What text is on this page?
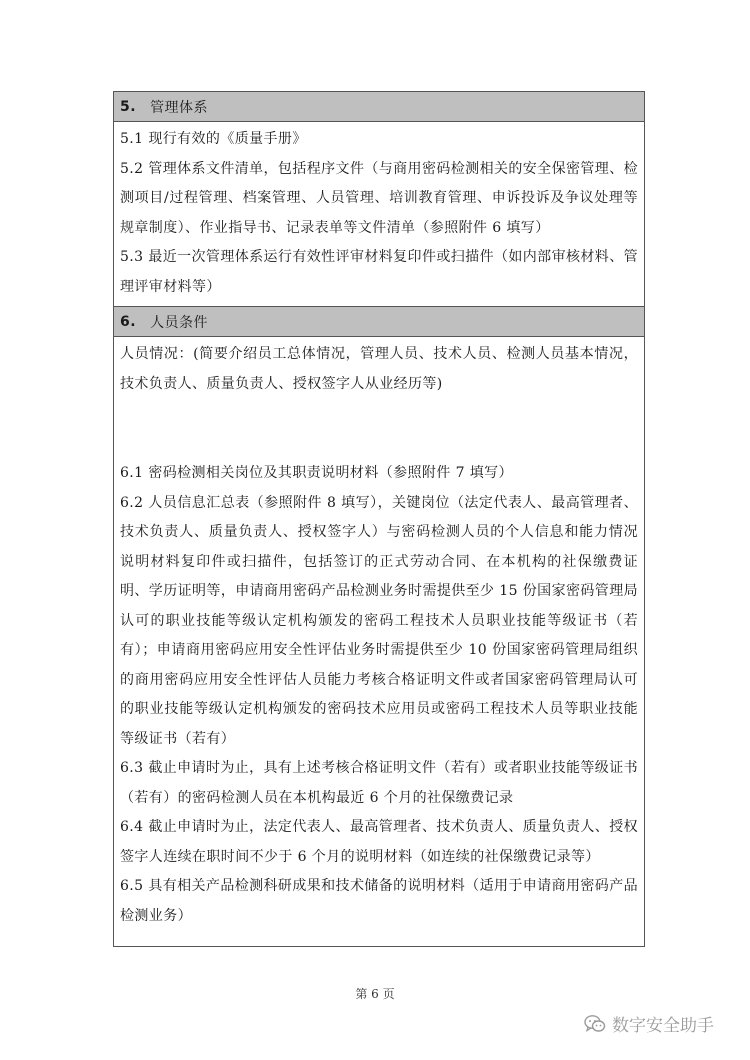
5. 管理体系

5.1 现行有效的《质量手册》

5.2 管理体系文件清单，包括程序文件（与商用密码检测相关的安全保密管理、检测项目/过程管理、档案管理、人员管理、培训教育管理、申诉投诉及争议处理等规章制度）、作业指导书、记录表单等文件清单（参照附件 6 填写）

5.3 最近一次管理体系运行有效性评审材料复印件或扫描件（如内部审核材料、管理评审材料等）

6. 人员条件

人员情况：(简要介绍员工总体情况，管理人员、技术人员、检测人员基本情况，技术负责人、质量负责人、授权签字人从业经历等)

6.1 密码检测相关岗位及其职责说明材料（参照附件 7 填写）

6.2 人员信息汇总表（参照附件 8 填写），关键岗位（法定代表人、最高管理者、技术负责人、质量负责人、授权签字人）与密码检测人员的个人信息和能力情况说明材料复印件或扫描件，包括签订的正式劳动合同、在本机构的社保缴费证明、学历证明等，申请商用密码产品检测业务时需提供至少 15 份国家密码管理局认可的职业技能等级认定机构颁发的密码工程技术人员职业技能等级证书（若有）；申请商用密码应用安全性评估业务时需提供至少 10 份国家密码管理局组织的商用密码应用安全性评估人员能力考核合格证明文件或者国家密码管理局认可的职业技能等级认定机构颁发的密码技术应用员或密码工程技术人员等职业技能等级证书（若有）

6.3 截止申请时为止，具有上述考核合格证明文件（若有）或者职业技能等级证书（若有）的密码检测人员在本机构最近 6 个月的社保缴费记录

6.4 截止申请时为止，法定代表人、最高管理者、技术负责人、质量负责人、授权签字人连续在职时间不少于 6 个月的说明材料（如连续的社保缴费记录等）

6.5 具有相关产品检测科研成果和技术储备的说明材料（适用于申请商用密码产品检测业务）

第 6 页
数字安全助手
